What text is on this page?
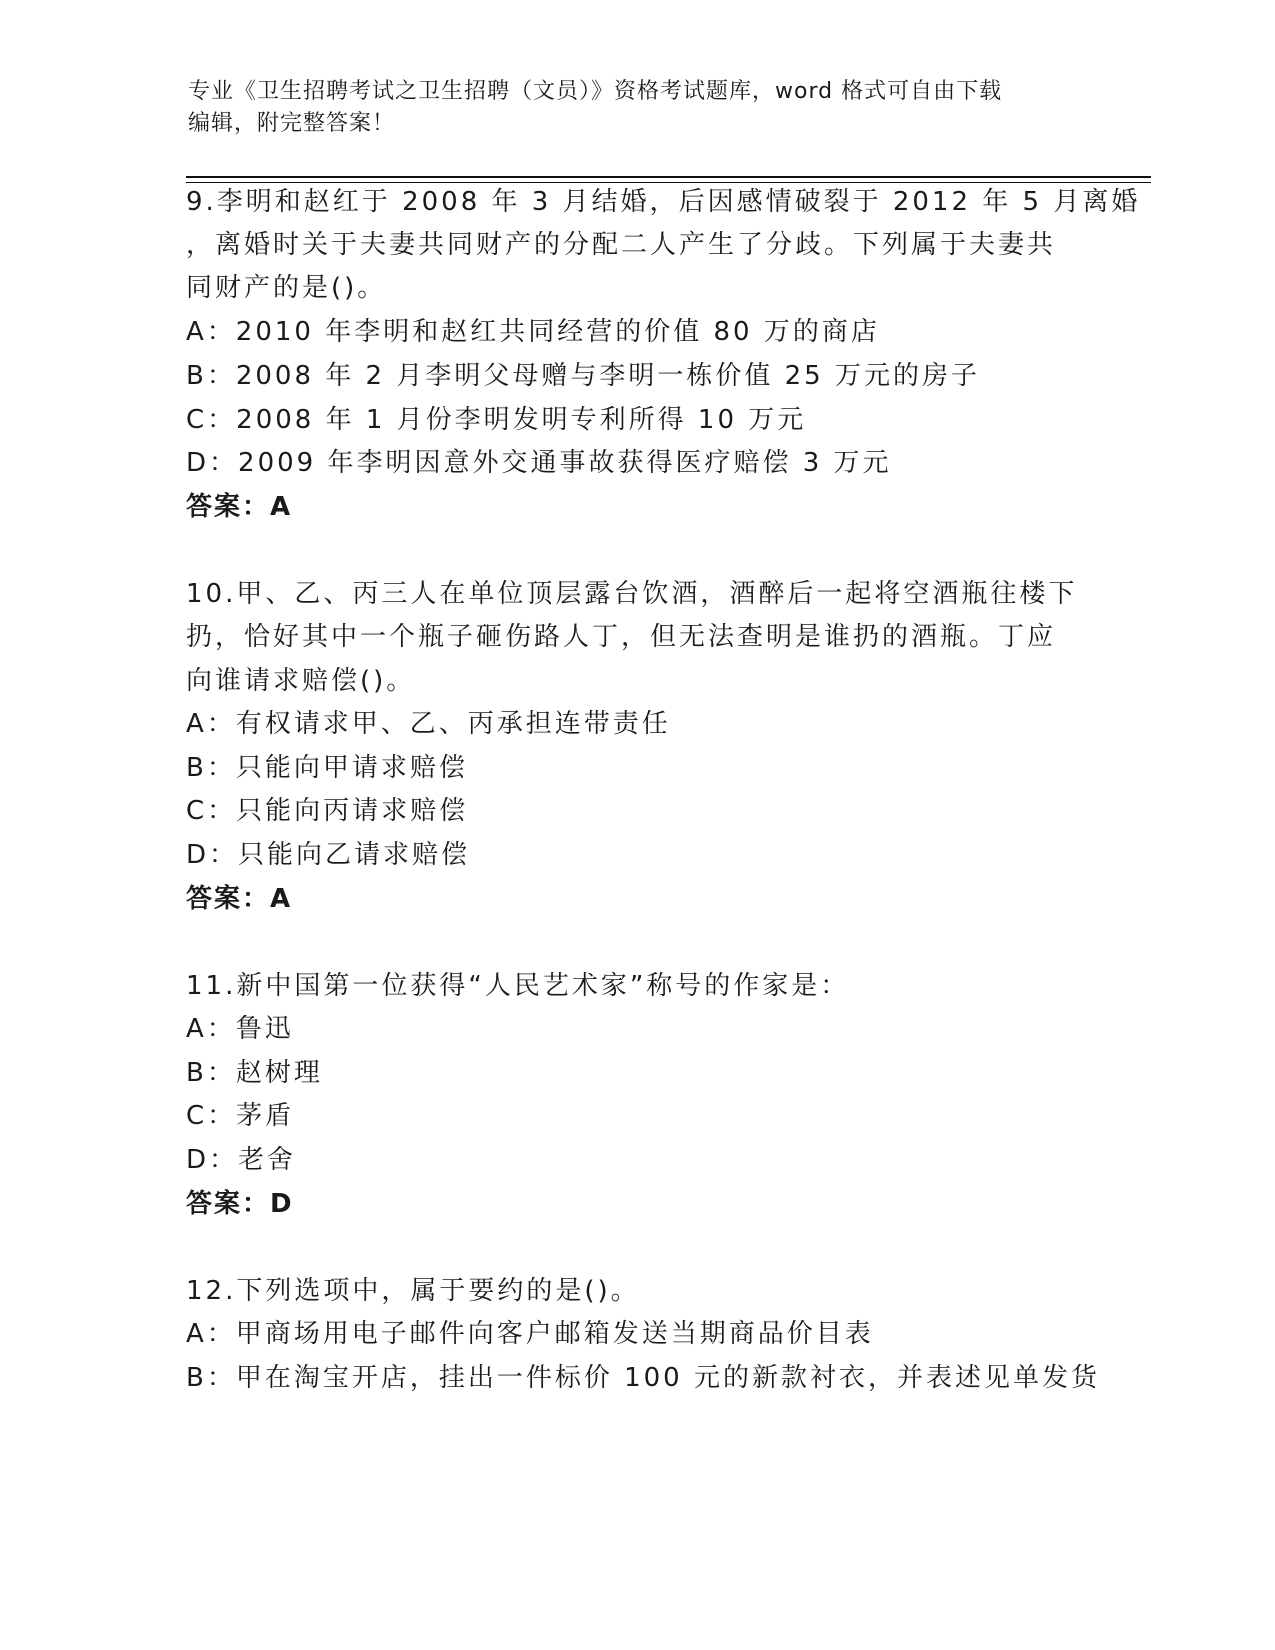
专业《卫生招聘考试之卫生招聘（文员）》资格考试题库，word 格式可自由下载
编辑，附完整答案！
9.李明和赵红于 2008 年 3 月结婚，后因感情破裂于 2012 年 5 月离婚
，离婚时关于夫妻共同财产的分配二人产生了分歧。下列属于夫妻共
同财产的是()。
A：2010 年李明和赵红共同经营的价值 80 万的商店
B：2008 年 2 月李明父母赠与李明一栋价值 25 万元的房子
C：2008 年 1 月份李明发明专利所得 10 万元
D：2009 年李明因意外交通事故获得医疗赔偿 3 万元
答案：A
10.甲、乙、丙三人在单位顶层露台饮酒，酒醉后一起将空酒瓶往楼下
扔，恰好其中一个瓶子砸伤路人丁，但无法查明是谁扔的酒瓶。丁应
向谁请求赔偿()。
A：有权请求甲、乙、丙承担连带责任
B：只能向甲请求赔偿
C：只能向丙请求赔偿
D：只能向乙请求赔偿
答案：A
11.新中国第一位获得“人民艺术家”称号的作家是：
A：鲁迅
B：赵树理
C：茅盾
D：老舍
答案：D
12.下列选项中，属于要约的是()。
A：甲商场用电子邮件向客户邮箱发送当期商品价目表
B：甲在淘宝开店，挂出一件标价 100 元的新款衬衣，并表述见单发货
